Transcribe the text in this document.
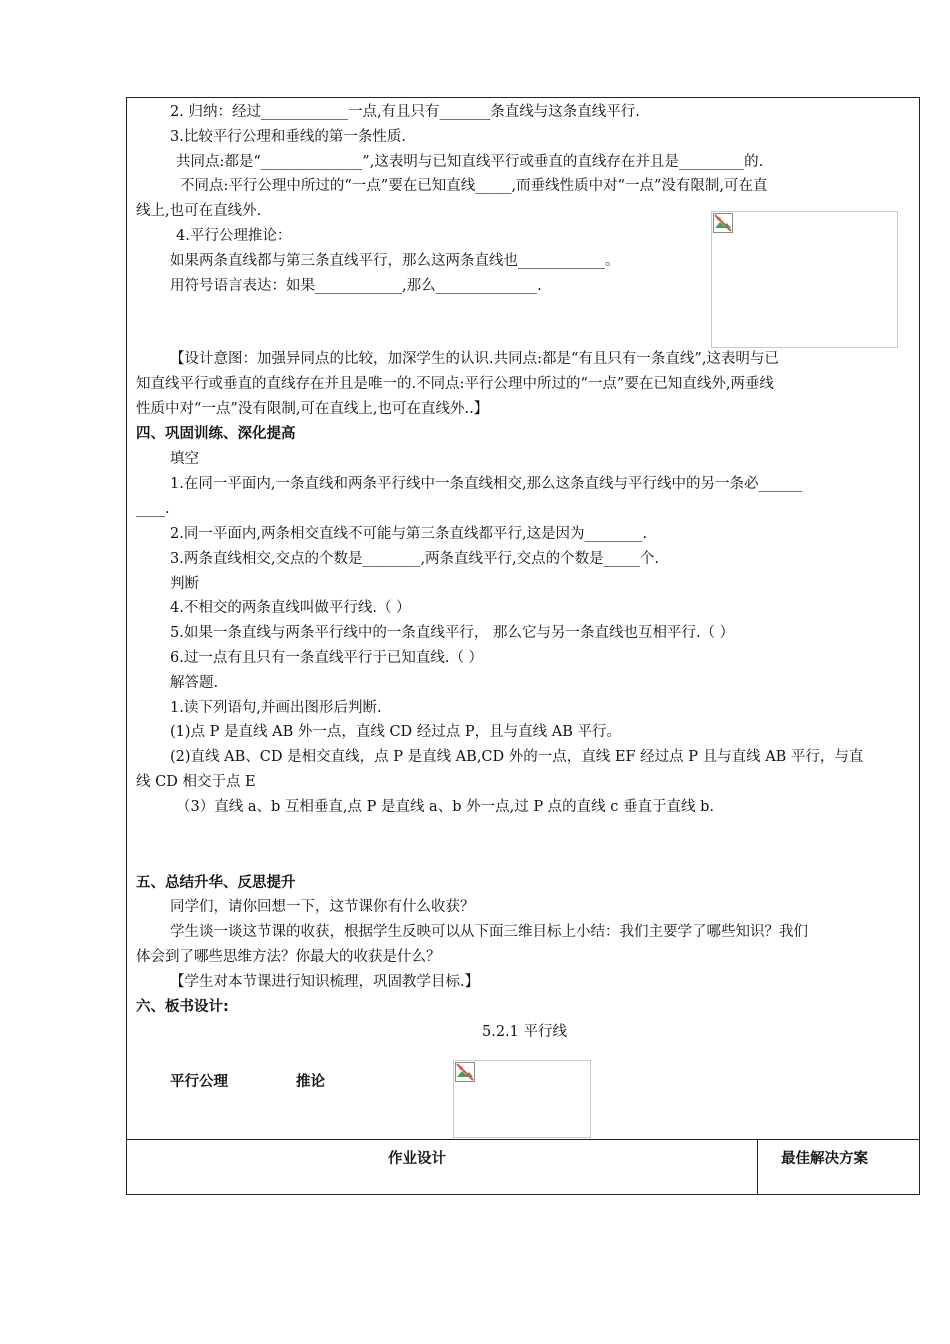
2. 归纳：经过____________一点,有且只有_______条直线与这条直线平行.
3.比较平行公理和垂线的第一条性质.
共同点:都是“______________”,这表明与已知直线平行或垂直的直线存在并且是_________的.
不同点:平行公理中所过的“一点”要在已知直线_____,而垂线性质中对“一点”没有限制,可在直
线上,也可在直线外.
4.平行公理推论：
如果两条直线都与第三条直线平行，那么这两条直线也____________。
用符号语言表达：如果____________,那么______________.
【设计意图：加强异同点的比较，加深学生的认识.共同点:都是“有且只有一条直线”,这表明与已
知直线平行或垂直的直线存在并且是唯一的.不同点:平行公理中所过的“一点”要在已知直线外,两垂线
性质中对“一点”没有限制,可在直线上,也可在直线外..】
四、巩固训练、深化提高
填空
1.在同一平面内,一条直线和两条平行线中一条直线相交,那么这条直线与平行线中的另一条必______
____.
2.同一平面内,两条相交直线不可能与第三条直线都平行,这是因为________.
3.两条直线相交,交点的个数是________,两条直线平行,交点的个数是_____个.
判断
4.不相交的两条直线叫做平行线.（ ）
5.如果一条直线与两条平行线中的一条直线平行， 那么它与另一条直线也互相平行.（ ）
6.过一点有且只有一条直线平行于已知直线.（ ）
解答题.
1.读下列语句,并画出图形后判断.
(1)点 P 是直线 AB 外一点，直线 CD 经过点 P，且与直线 AB 平行。
(2)直线 AB、CD 是相交直线，点 P 是直线 AB,CD 外的一点，直线 EF 经过点 P 且与直线 AB 平行，与直
线 CD 相交于点 E
（3）直线 a、b 互相垂直,点 P 是直线 a、b 外一点,过 P 点的直线 c 垂直于直线 b.
五、总结升华、反思提升
同学们，请你回想一下，这节课你有什么收获？
学生谈一谈这节课的收获，根据学生反映可以从下面三维目标上小结：我们主要学了哪些知识？我们
体会到了哪些思维方法？你最大的收获是什么？
【学生对本节课进行知识梳理，巩固教学目标.】
六、板书设计:
5.2.1 平行线
平行公理	推论
作业设计	最佳解决方案
